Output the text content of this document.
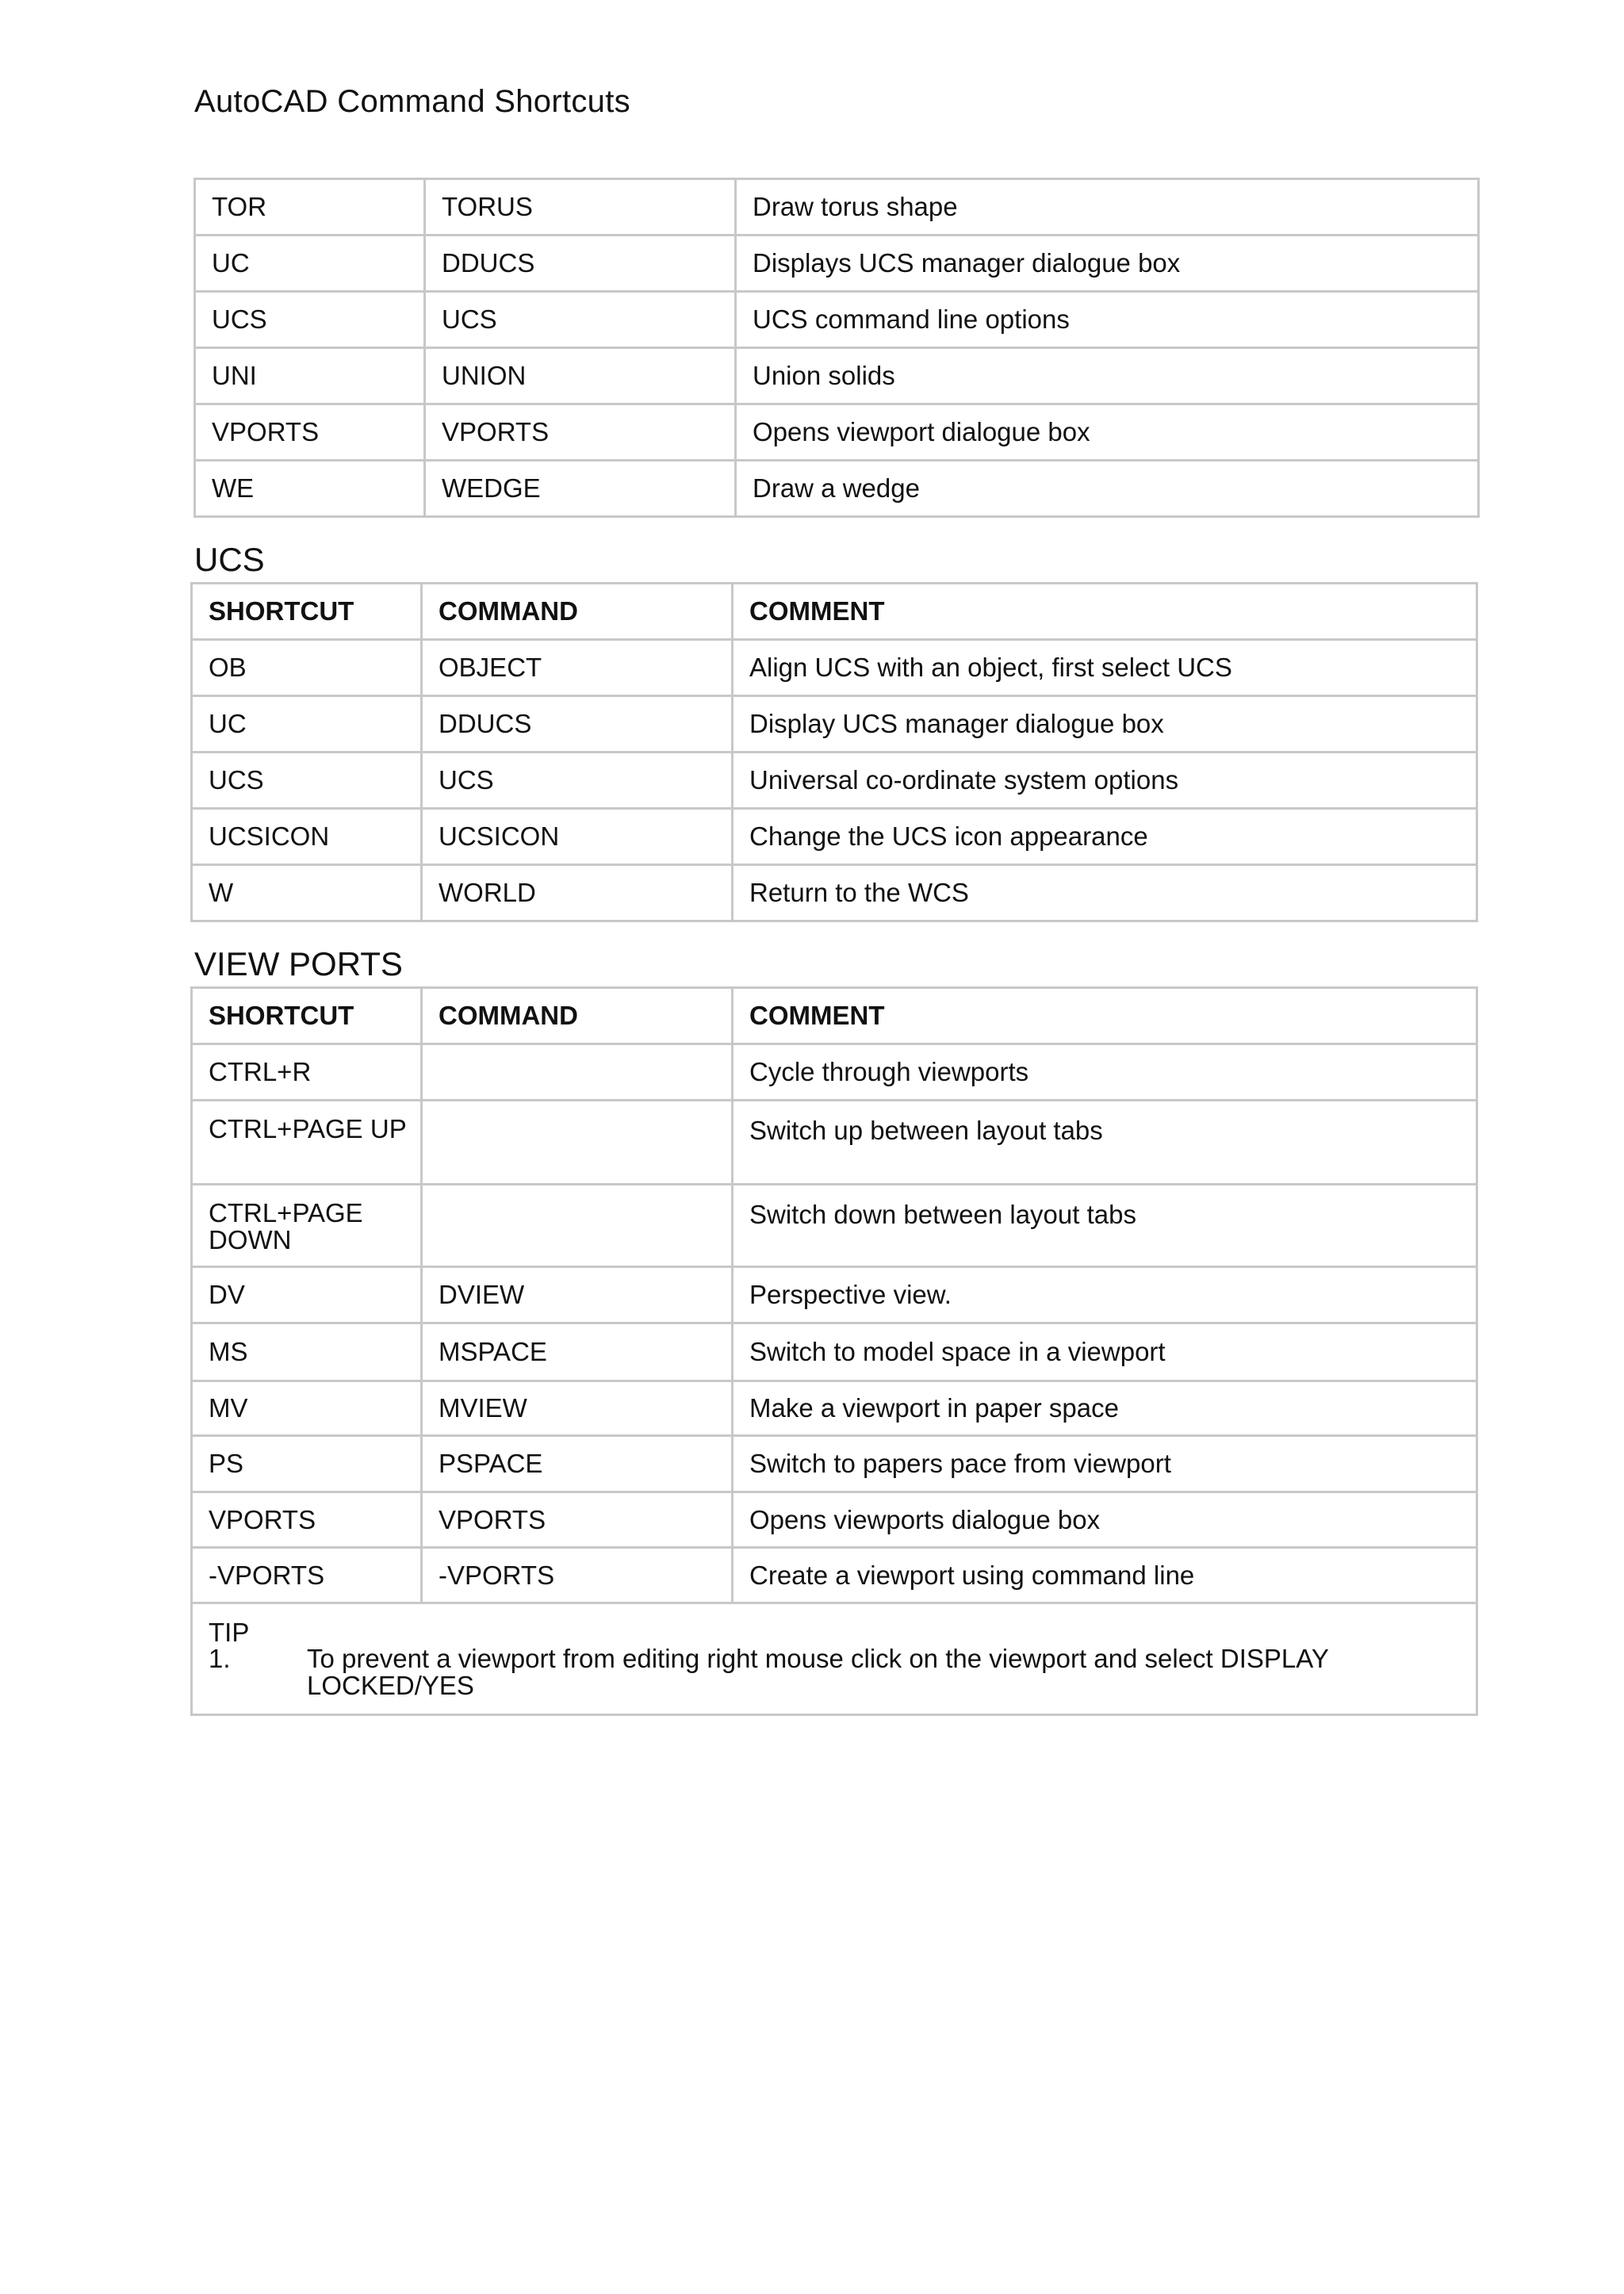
AutoCAD Command Shortcuts
TOR	TORUS	Draw torus shape
UC	DDUCS	Displays UCS manager dialogue box
UCS	UCS	UCS command line options
UNI	UNION	Union solids
VPORTS	VPORTS	Opens viewport dialogue box
WE	WEDGE	Draw a wedge
UCS
SHORTCUT	COMMAND	COMMENT
OB	OBJECT	Align UCS with an object, first select UCS
UC	DDUCS	Display UCS manager dialogue box
UCS	UCS	Universal co-ordinate system options
UCSICON	UCSICON	Change the UCS icon appearance
W	WORLD	Return to the WCS
VIEW PORTS
SHORTCUT	COMMAND	COMMENT
CTRL+R		Cycle through viewports
CTRL+PAGE UP		Switch up between layout tabs
CTRL+PAGE DOWN		Switch down between layout tabs
DV	DVIEW	Perspective view.
MS	MSPACE	Switch to model space in a viewport
MV	MVIEW	Make a viewport in paper space
PS	PSPACE	Switch to papers pace from viewport
VPORTS	VPORTS	Opens viewports dialogue box
-VPORTS	-VPORTS	Create a viewport using command line

TIP
1. To prevent a viewport from editing right mouse click on the viewport and select DISPLAY LOCKED/YES		
